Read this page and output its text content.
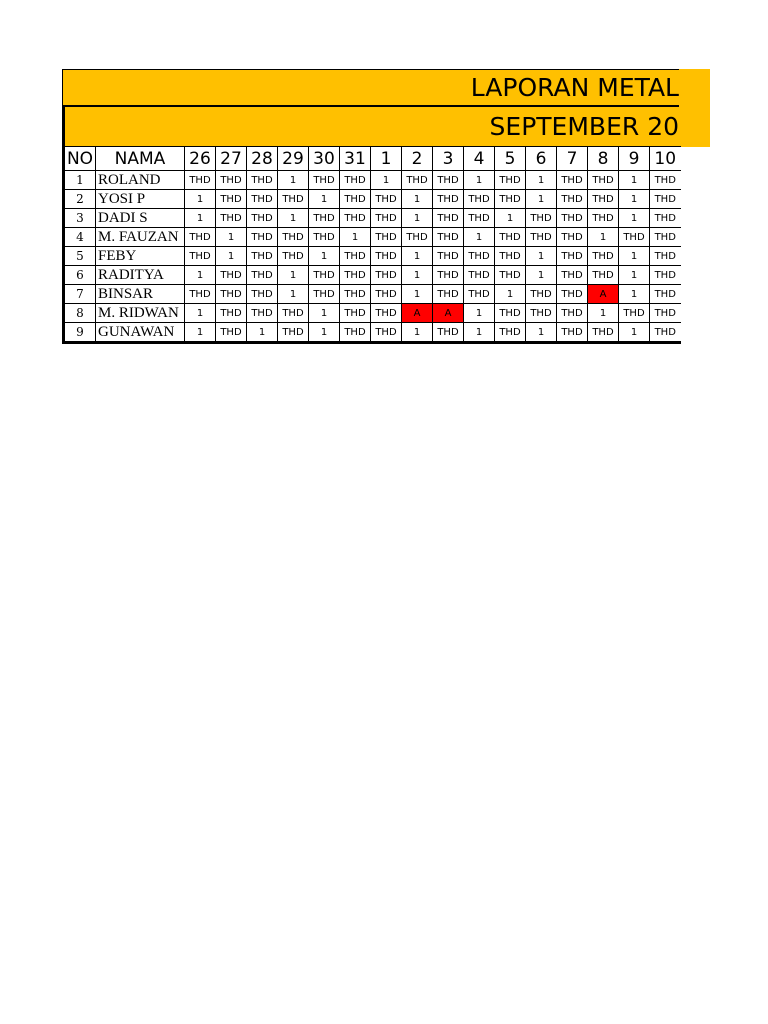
LAPORAN METAL
SEPTEMBER 20
NO	NAMA	26	27	28	29	30	31	1	2	3	4	5	6	7	8	9	10
1	ROLAND	THD	THD	THD	1	THD	THD	1	THD	THD	1	THD	1	THD	THD	1	THD
2	YOSI P	1	THD	THD	THD	1	THD	THD	1	THD	THD	THD	1	THD	THD	1	THD
3	DADI S	1	THD	THD	1	THD	THD	THD	1	THD	THD	1	THD	THD	THD	1	THD
4	M. FAUZAN	THD	1	THD	THD	THD	1	THD	THD	THD	1	THD	THD	THD	1	THD	THD
5	FEBY	THD	1	THD	THD	1	THD	THD	1	THD	THD	THD	1	THD	THD	1	THD
6	RADITYA	1	THD	THD	1	THD	THD	THD	1	THD	THD	THD	1	THD	THD	1	THD
7	BINSAR	THD	THD	THD	1	THD	THD	THD	1	THD	THD	1	THD	THD	A	1	THD
8	M. RIDWAN	1	THD	THD	THD	1	THD	THD	A	A	1	THD	THD	THD	1	THD	THD
9	GUNAWAN	1	THD	1	THD	1	THD	THD	1	THD	1	THD	1	THD	THD	1	THD
